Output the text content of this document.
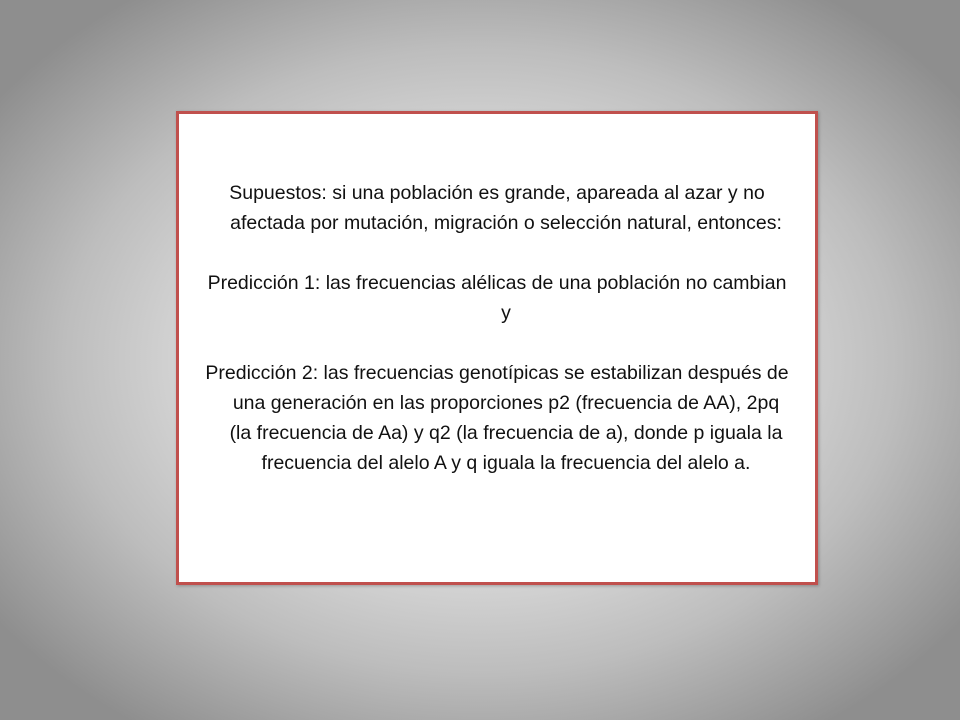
Supuestos: si una población es grande, apareada al azar y no afectada por mutación, migración o selección natural, entonces:

Predicción 1: las frecuencias alélicas de una población no cambian y

Predicción 2: las frecuencias genotípicas se estabilizan después de una generación en las proporciones p2 (frecuencia de AA), 2pq (la frecuencia de Aa) y q2 (la frecuencia de a), donde p iguala la frecuencia del alelo A y q iguala la frecuencia del alelo a.
